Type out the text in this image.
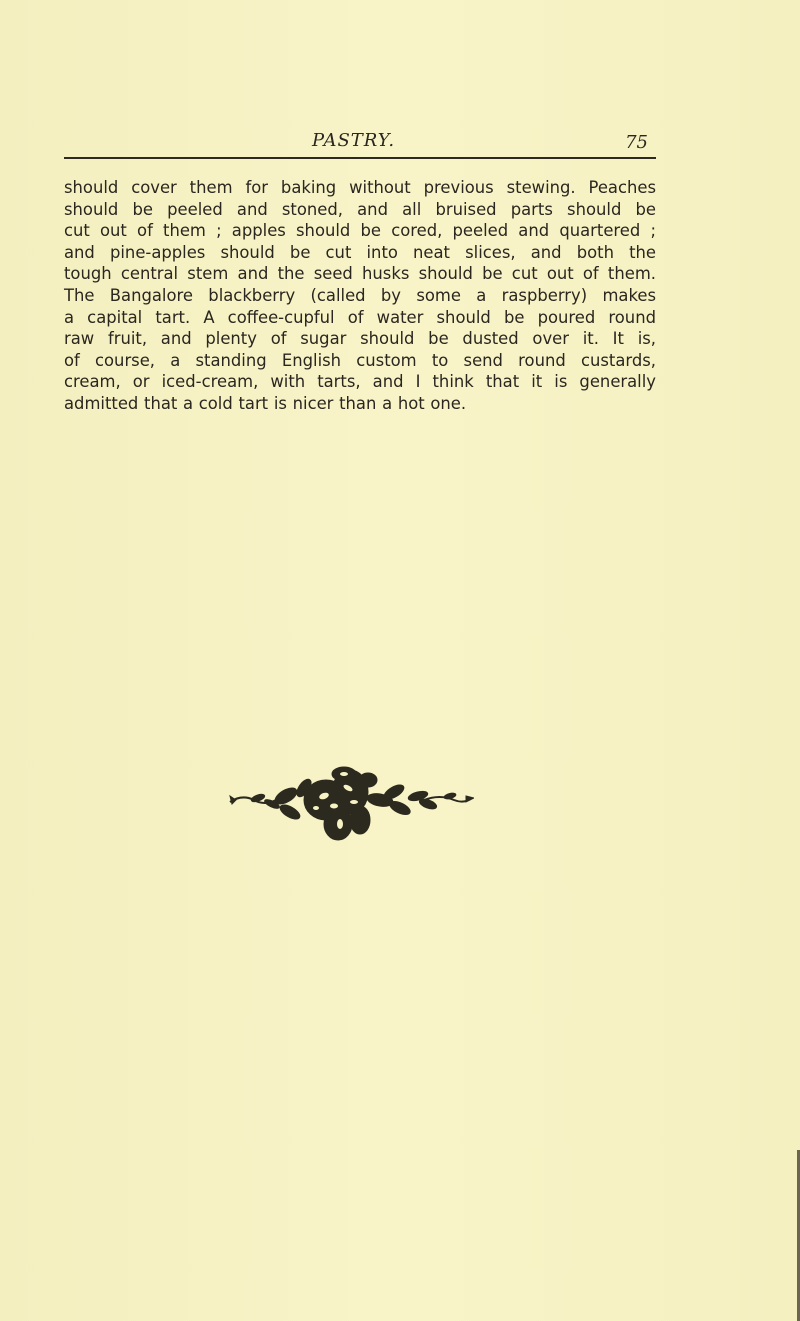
PASTRY.	75
should cover them for baking without previous stewing. Peaches
should be peeled and stoned, and all bruised parts should be
cut out of them ; apples should be cored, peeled and quartered ;
and pine-apples should be cut into neat slices, and both the
tough central stem and the seed husks should be cut out of them.
The Bangalore blackberry (called by some a raspberry) makes
a capital tart. A coffee-cupful of water should be poured round
raw fruit, and plenty of sugar should be dusted over it. It is,
of course, a standing English custom to send round custards,
cream, or iced-cream, with tarts, and I think that it is generally
admitted that a cold tart is nicer than a hot one.
